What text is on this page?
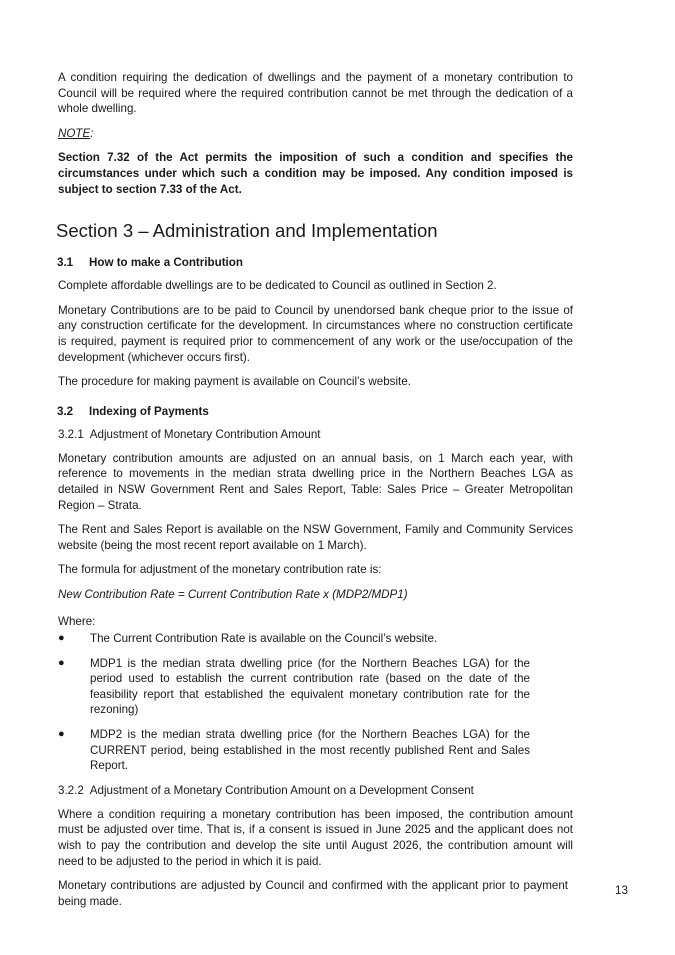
A condition requiring the dedication of dwellings and the payment of a monetary contribution to Council will be required where the required contribution cannot be met through the dedication of a whole dwelling.

NOTE:

Section 7.32 of the Act permits the imposition of such a condition and specifies the circumstances under which such a condition may be imposed. Any condition imposed is subject to section 7.33 of the Act.

Section 3 – Administration and Implementation
3.1	How to make a Contribution

Complete affordable dwellings are to be dedicated to Council as outlined in Section 2.

Monetary Contributions are to be paid to Council by unendorsed bank cheque prior to the issue of any construction certificate for the development. In circumstances where no construction certificate is required, payment is required prior to commencement of any work or the use/occupation of the development (whichever occurs first).

The procedure for making payment is available on Council’s website.

3.2	Indexing of Payments

3.2.1 Adjustment of Monetary Contribution Amount

Monetary contribution amounts are adjusted on an annual basis, on 1 March each year, with reference to movements in the median strata dwelling price in the Northern Beaches LGA as detailed in NSW Government Rent and Sales Report, Table: Sales Price – Greater Metropolitan Region – Strata.

The Rent and Sales Report is available on the NSW Government, Family and Community Services website (being the most recent report available on 1 March).

The formula for adjustment of the monetary contribution rate is:

New Contribution Rate = Current Contribution Rate x (MDP2/MDP1)

Where:

●	The Current Contribution Rate is available on the Council’s website.
●	MDP1 is the median strata dwelling price (for the Northern Beaches LGA) for the period used to establish the current contribution rate (based on the date of the feasibility report that established the equivalent monetary contribution rate for the rezoning)
●	MDP2 is the median strata dwelling price (for the Northern Beaches LGA) for the CURRENT period, being established in the most recently published Rent and Sales Report.

3.2.2 Adjustment of a Monetary Contribution Amount on a Development Consent

Where a condition requiring a monetary contribution has been imposed, the contribution amount must be adjusted over time. That is, if a consent is issued in June 2025 and the applicant does not wish to pay the contribution and develop the site until August 2026, the contribution amount will need to be adjusted to the period in which it is paid.

Monetary contributions are adjusted by Council and confirmed with the applicant prior to payment being made.

13
